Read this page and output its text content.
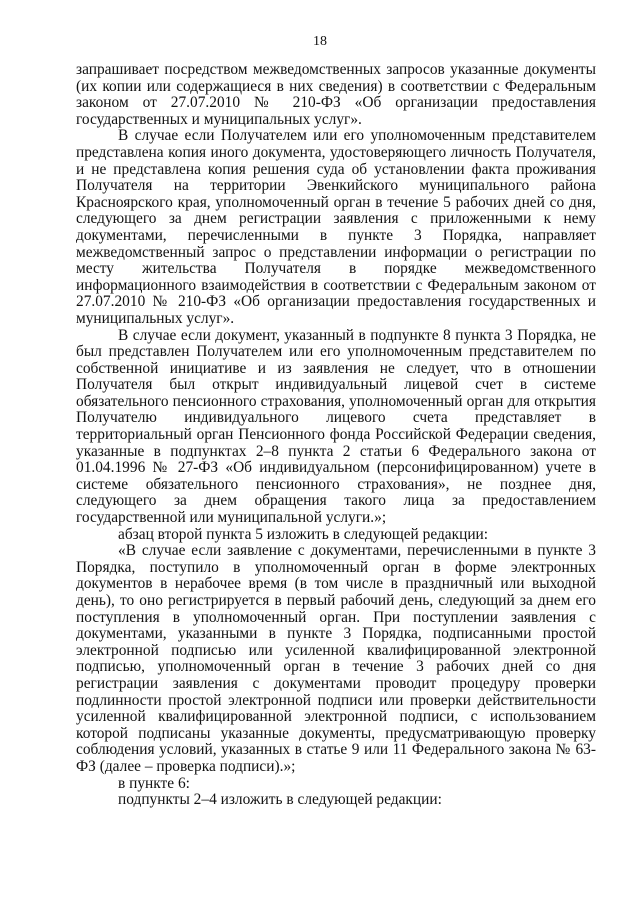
18

запрашивает посредством межведомственных запросов указанные документы (их копии или содержащиеся в них сведения) в соответствии с Федеральным законом от 27.07.2010 № 210-ФЗ «Об организации предоставления государственных и муниципальных услуг».

В случае если Получателем или его уполномоченным представителем представлена копия иного документа, удостоверяющего личность Получателя, и не представлена копия решения суда об установлении факта проживания Получателя на территории Эвенкийского муниципального района Красноярского края, уполномоченный орган в течение 5 рабочих дней со дня, следующего за днем регистрации заявления с приложенными к нему документами, перечисленными в пункте 3 Порядка, направляет межведомственный запрос о представлении информации о регистрации по месту жительства Получателя в порядке межведомственного информационного взаимодействия в соответствии с Федеральным законом от 27.07.2010 № 210-ФЗ «Об организации предоставления государственных и муниципальных услуг».

В случае если документ, указанный в подпункте 8 пункта 3 Порядка, не был представлен Получателем или его уполномоченным представителем по собственной инициативе и из заявления не следует, что в отношении Получателя был открыт индивидуальный лицевой счет в системе обязательного пенсионного страхования, уполномоченный орган для открытия Получателю индивидуального лицевого счета представляет в территориальный орган Пенсионного фонда Российской Федерации сведения, указанные в подпунктах 2–8 пункта 2 статьи 6 Федерального закона от 01.04.1996 № 27-ФЗ «Об индивидуальном (персонифицированном) учете в системе обязательного пенсионного страхования», не позднее дня, следующего за днем обращения такого лица за предоставлением государственной или муниципальной услуги.»;

абзац второй пункта 5 изложить в следующей редакции:

«В случае если заявление с документами, перечисленными в пункте 3 Порядка, поступило в уполномоченный орган в форме электронных документов в нерабочее время (в том числе в праздничный или выходной день), то оно регистрируется в первый рабочий день, следующий за днем его поступления в уполномоченный орган. При поступлении заявления с документами, указанными в пункте 3 Порядка, подписанными простой электронной подписью или усиленной квалифицированной электронной подписью, уполномоченный орган в течение 3 рабочих дней со дня регистрации заявления с документами проводит процедуру проверки подлинности простой электронной подписи или проверки действительности усиленной квалифицированной электронной подписи, с использованием которой подписаны указанные документы, предусматривающую проверку соблюдения условий, указанных в статье 9 или 11 Федерального закона № 63-ФЗ (далее – проверка подписи).»;

в пункте 6:

подпункты 2–4 изложить в следующей редакции:
